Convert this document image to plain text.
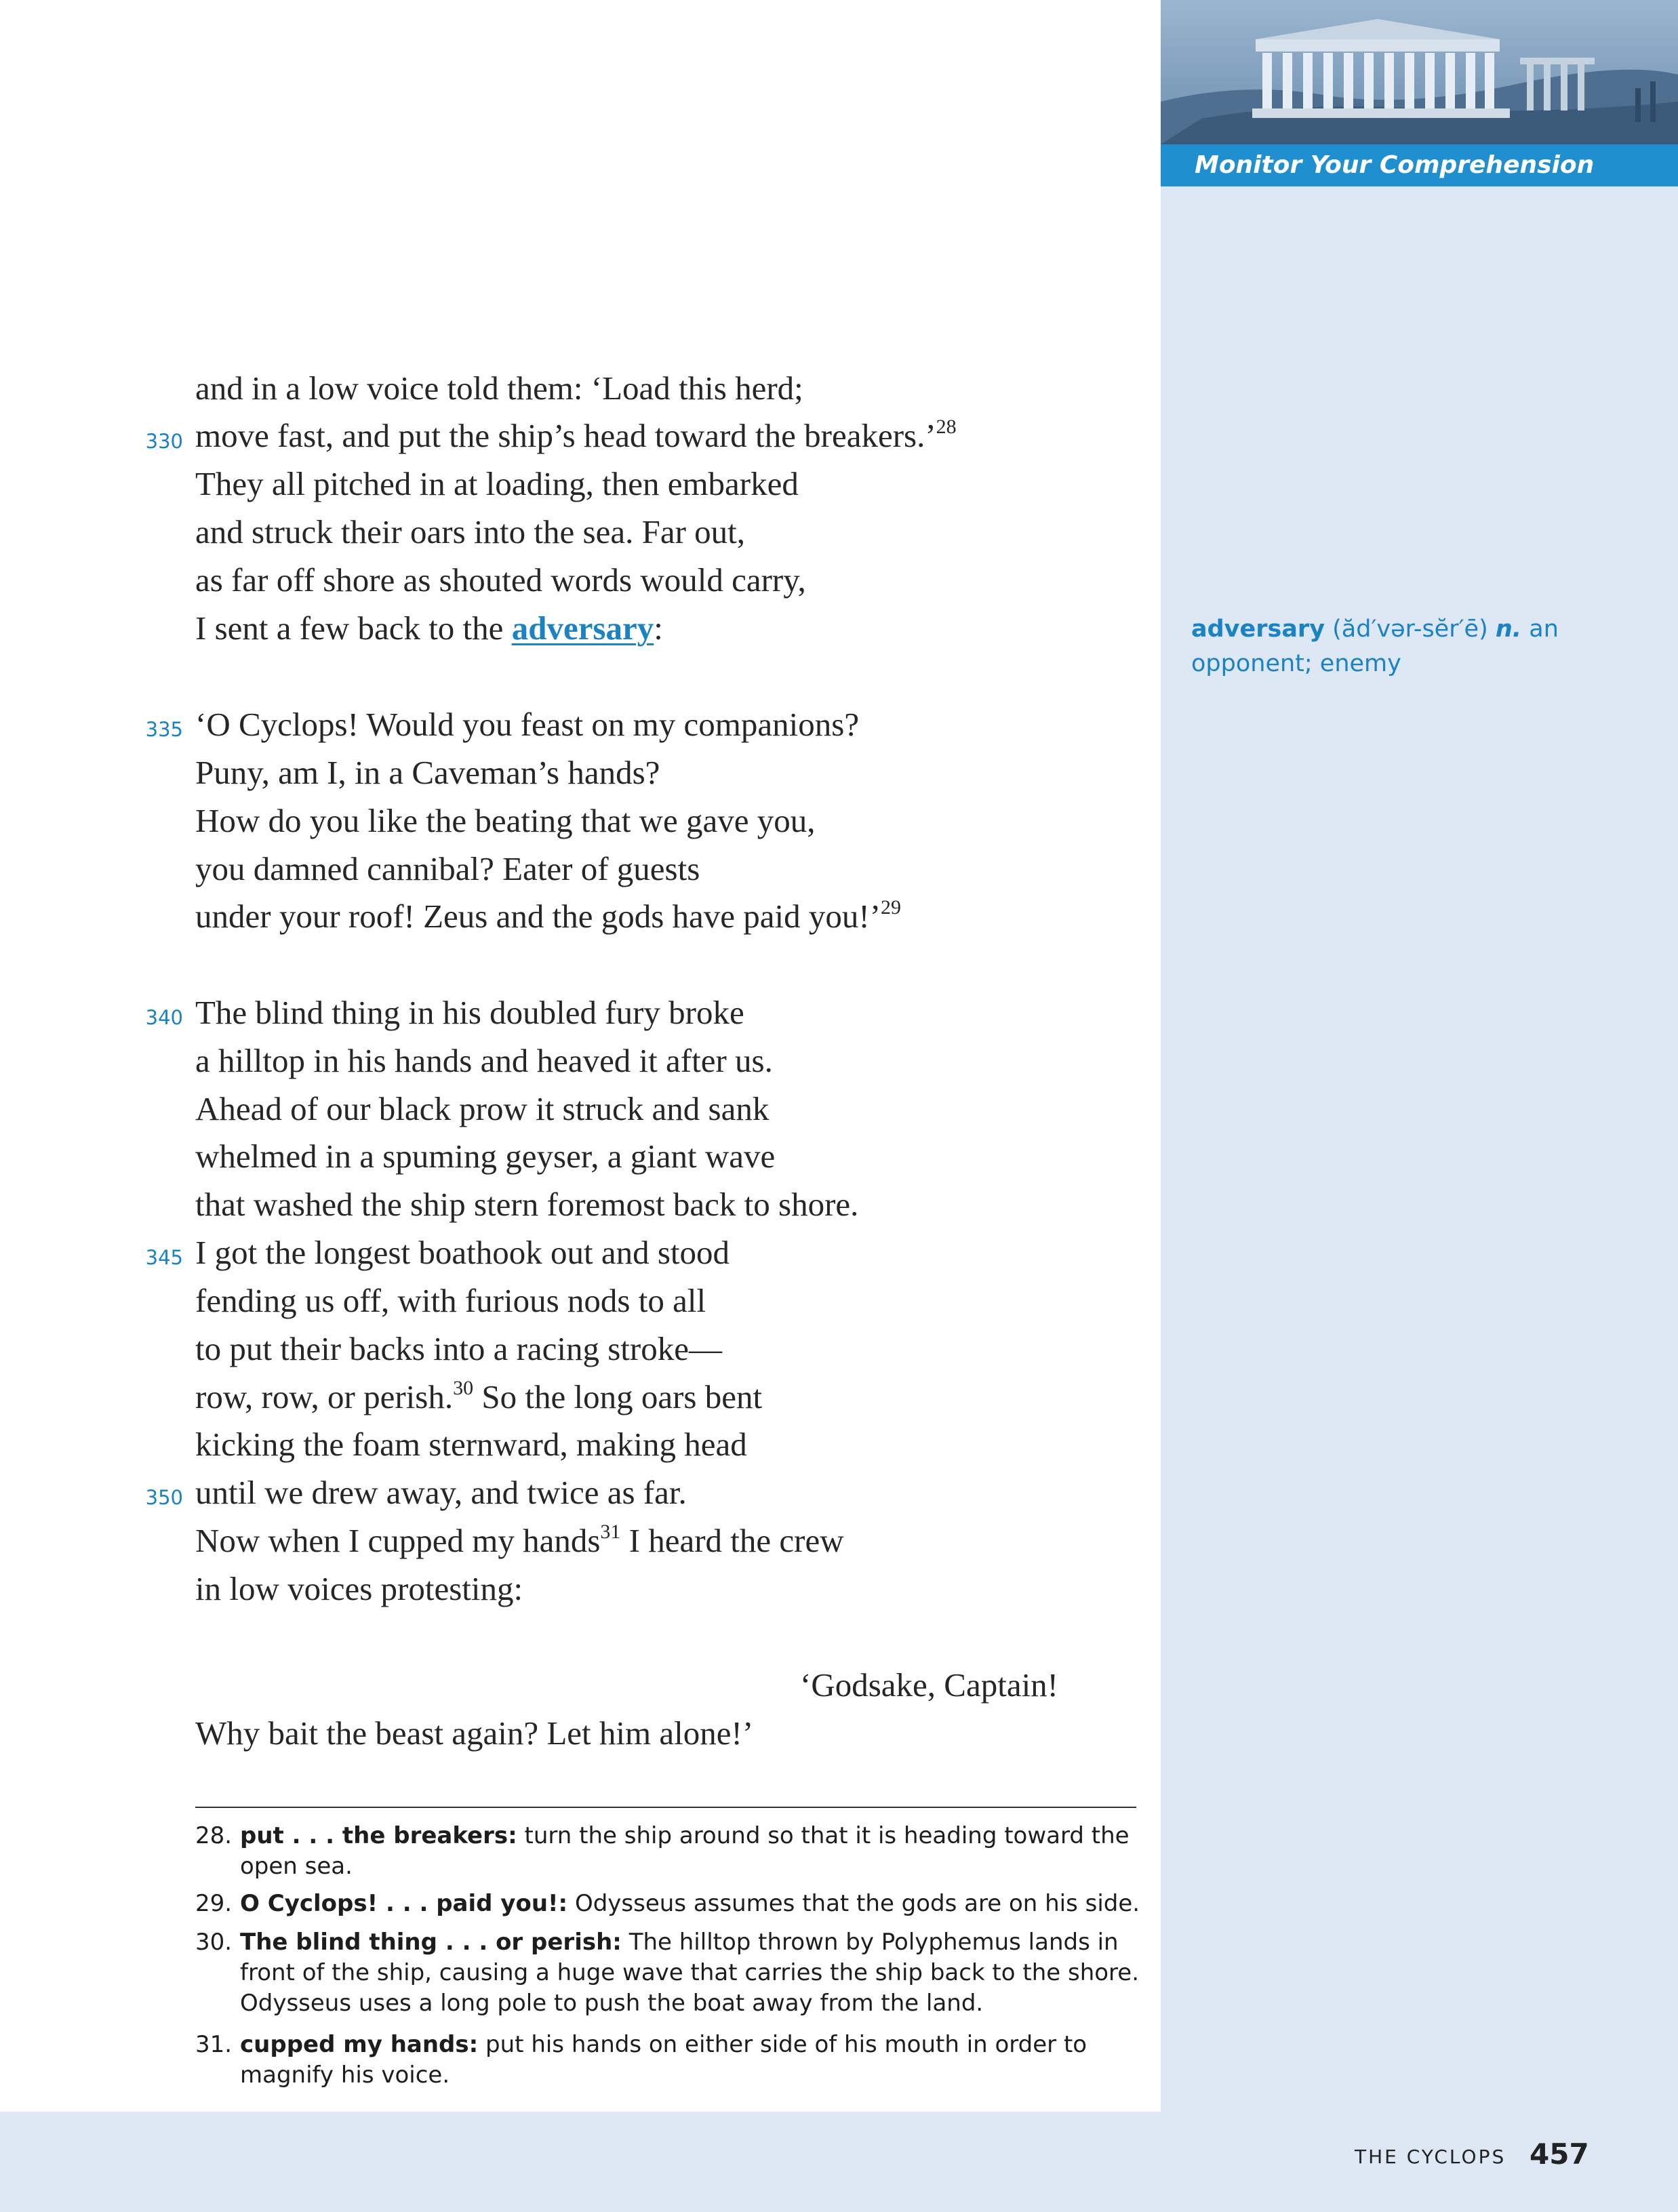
Monitor Your Comprehension
and in a low voice told them: ‘Load this herd;
330 move fast, and put the ship’s head toward the breakers.’$^{28}$
They all pitched in at loading, then embarked
and struck their oars into the sea. Far out,
as far off shore as shouted words would carry,
I sent a few back to the adversary:
335 ‘O Cyclops! Would you feast on my companions?
Puny, am I, in a Caveman’s hands?
How do you like the beating that we gave you,
you damned cannibal? Eater of guests
under your roof! Zeus and the gods have paid you!’$^{29}$
340 The blind thing in his doubled fury broke
a hilltop in his hands and heaved it after us.
Ahead of our black prow it struck and sank
whelmed in a spuming geyser, a giant wave
that washed the ship stern foremost back to shore.
345 I got the longest boathook out and stood
fending us off, with furious nods to all
to put their backs into a racing stroke—
row, row, or perish.$^{30}$ So the long oars bent
kicking the foam sternward, making head
350 until we drew away, and twice as far.
Now when I cupped my hands$^{31}$ I heard the crew
in low voices protesting:
‘Godsake, Captain!
Why bait the beast again? Let him alone!’
adversary (ăd′vər-sĕr′ē) n. an opponent; enemy
28. put . . . the breakers: turn the ship around so that it is heading toward the open sea.
29. O Cyclops! . . . paid you!: Odysseus assumes that the gods are on his side.
30. The blind thing . . . or perish: The hilltop thrown by Polyphemus lands in front of the ship, causing a huge wave that carries the ship back to the shore. Odysseus uses a long pole to push the boat away from the land.
31. cupped my hands: put his hands on either side of his mouth in order to magnify his voice.
THE CYCLOPS 457
